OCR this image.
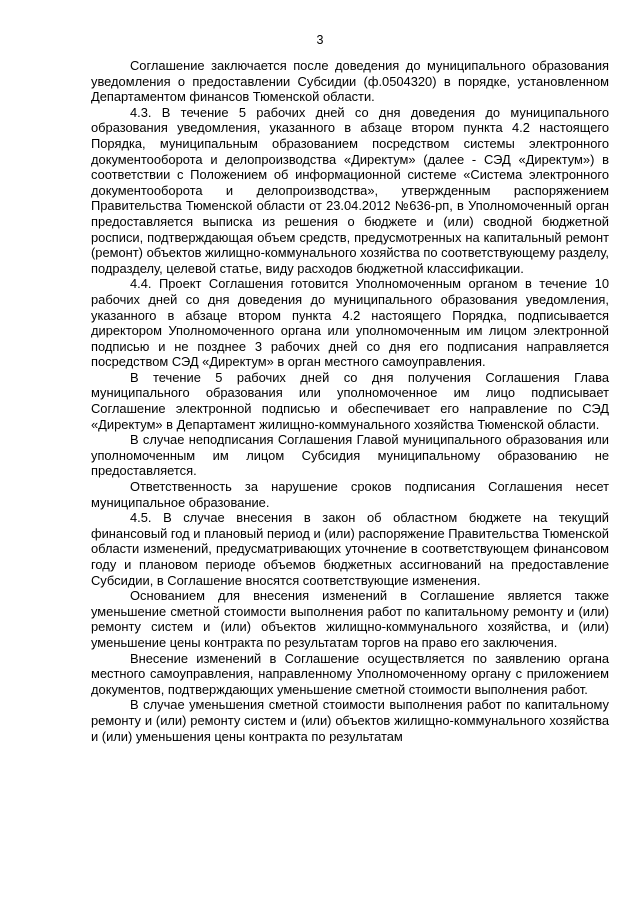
3

Соглашение заключается после доведения до муниципального образования уведомления о предоставлении Субсидии (ф.0504320) в порядке, установленном Департаментом финансов Тюменской области.

4.3. В течение 5 рабочих дней со дня доведения до муниципального образования уведомления, указанного в абзаце втором пункта 4.2 настоящего Порядка, муниципальным образованием посредством системы электронного документооборота и делопроизводства «Директум» (далее - СЭД «Директум») в соответствии с Положением об информационной системе «Система электронного документооборота и делопроизводства», утвержденным распоряжением Правительства Тюменской области от 23.04.2012 №636-рп, в Уполномоченный орган предоставляется выписка из решения о бюджете и (или) сводной бюджетной росписи, подтверждающая объем средств, предусмотренных на капитальный ремонт (ремонт) объектов жилищно-коммунального хозяйства по соответствующему разделу, подразделу, целевой статье, виду расходов бюджетной классификации.

4.4. Проект Соглашения готовится Уполномоченным органом в течение 10 рабочих дней со дня доведения до муниципального образования уведомления, указанного в абзаце втором пункта 4.2 настоящего Порядка, подписывается директором Уполномоченного органа или уполномоченным им лицом электронной подписью и не позднее 3 рабочих дней со дня его подписания направляется посредством СЭД «Директум» в орган местного самоуправления.

В течение 5 рабочих дней со дня получения Соглашения Глава муниципального образования или уполномоченное им лицо подписывает Соглашение электронной подписью и обеспечивает его направление по СЭД «Директум» в Департамент жилищно-коммунального хозяйства Тюменской области.

В случае неподписания Соглашения Главой муниципального образования или уполномоченным им лицом Субсидия муниципальному образованию не предоставляется.

Ответственность за нарушение сроков подписания Соглашения несет муниципальное образование.

4.5. В случае внесения в закон об областном бюджете на текущий финансовый год и плановый период и (или) распоряжение Правительства Тюменской области изменений, предусматривающих уточнение в соответствующем финансовом году и плановом периоде объемов бюджетных ассигнований на предоставление Субсидии, в Соглашение вносятся соответствующие изменения.

Основанием для внесения изменений в Соглашение является также уменьшение сметной стоимости выполнения работ по капитальному ремонту и (или) ремонту систем и (или) объектов жилищно-коммунального хозяйства, и (или) уменьшение цены контракта по результатам торгов на право его заключения.

Внесение изменений в Соглашение осуществляется по заявлению органа местного самоуправления, направленному Уполномоченному органу с приложением документов, подтверждающих уменьшение сметной стоимости выполнения работ.

В случае уменьшения сметной стоимости выполнения работ по капитальному ремонту и (или) ремонту систем и (или) объектов жилищно-коммунального хозяйства и (или) уменьшения цены контракта по результатам
